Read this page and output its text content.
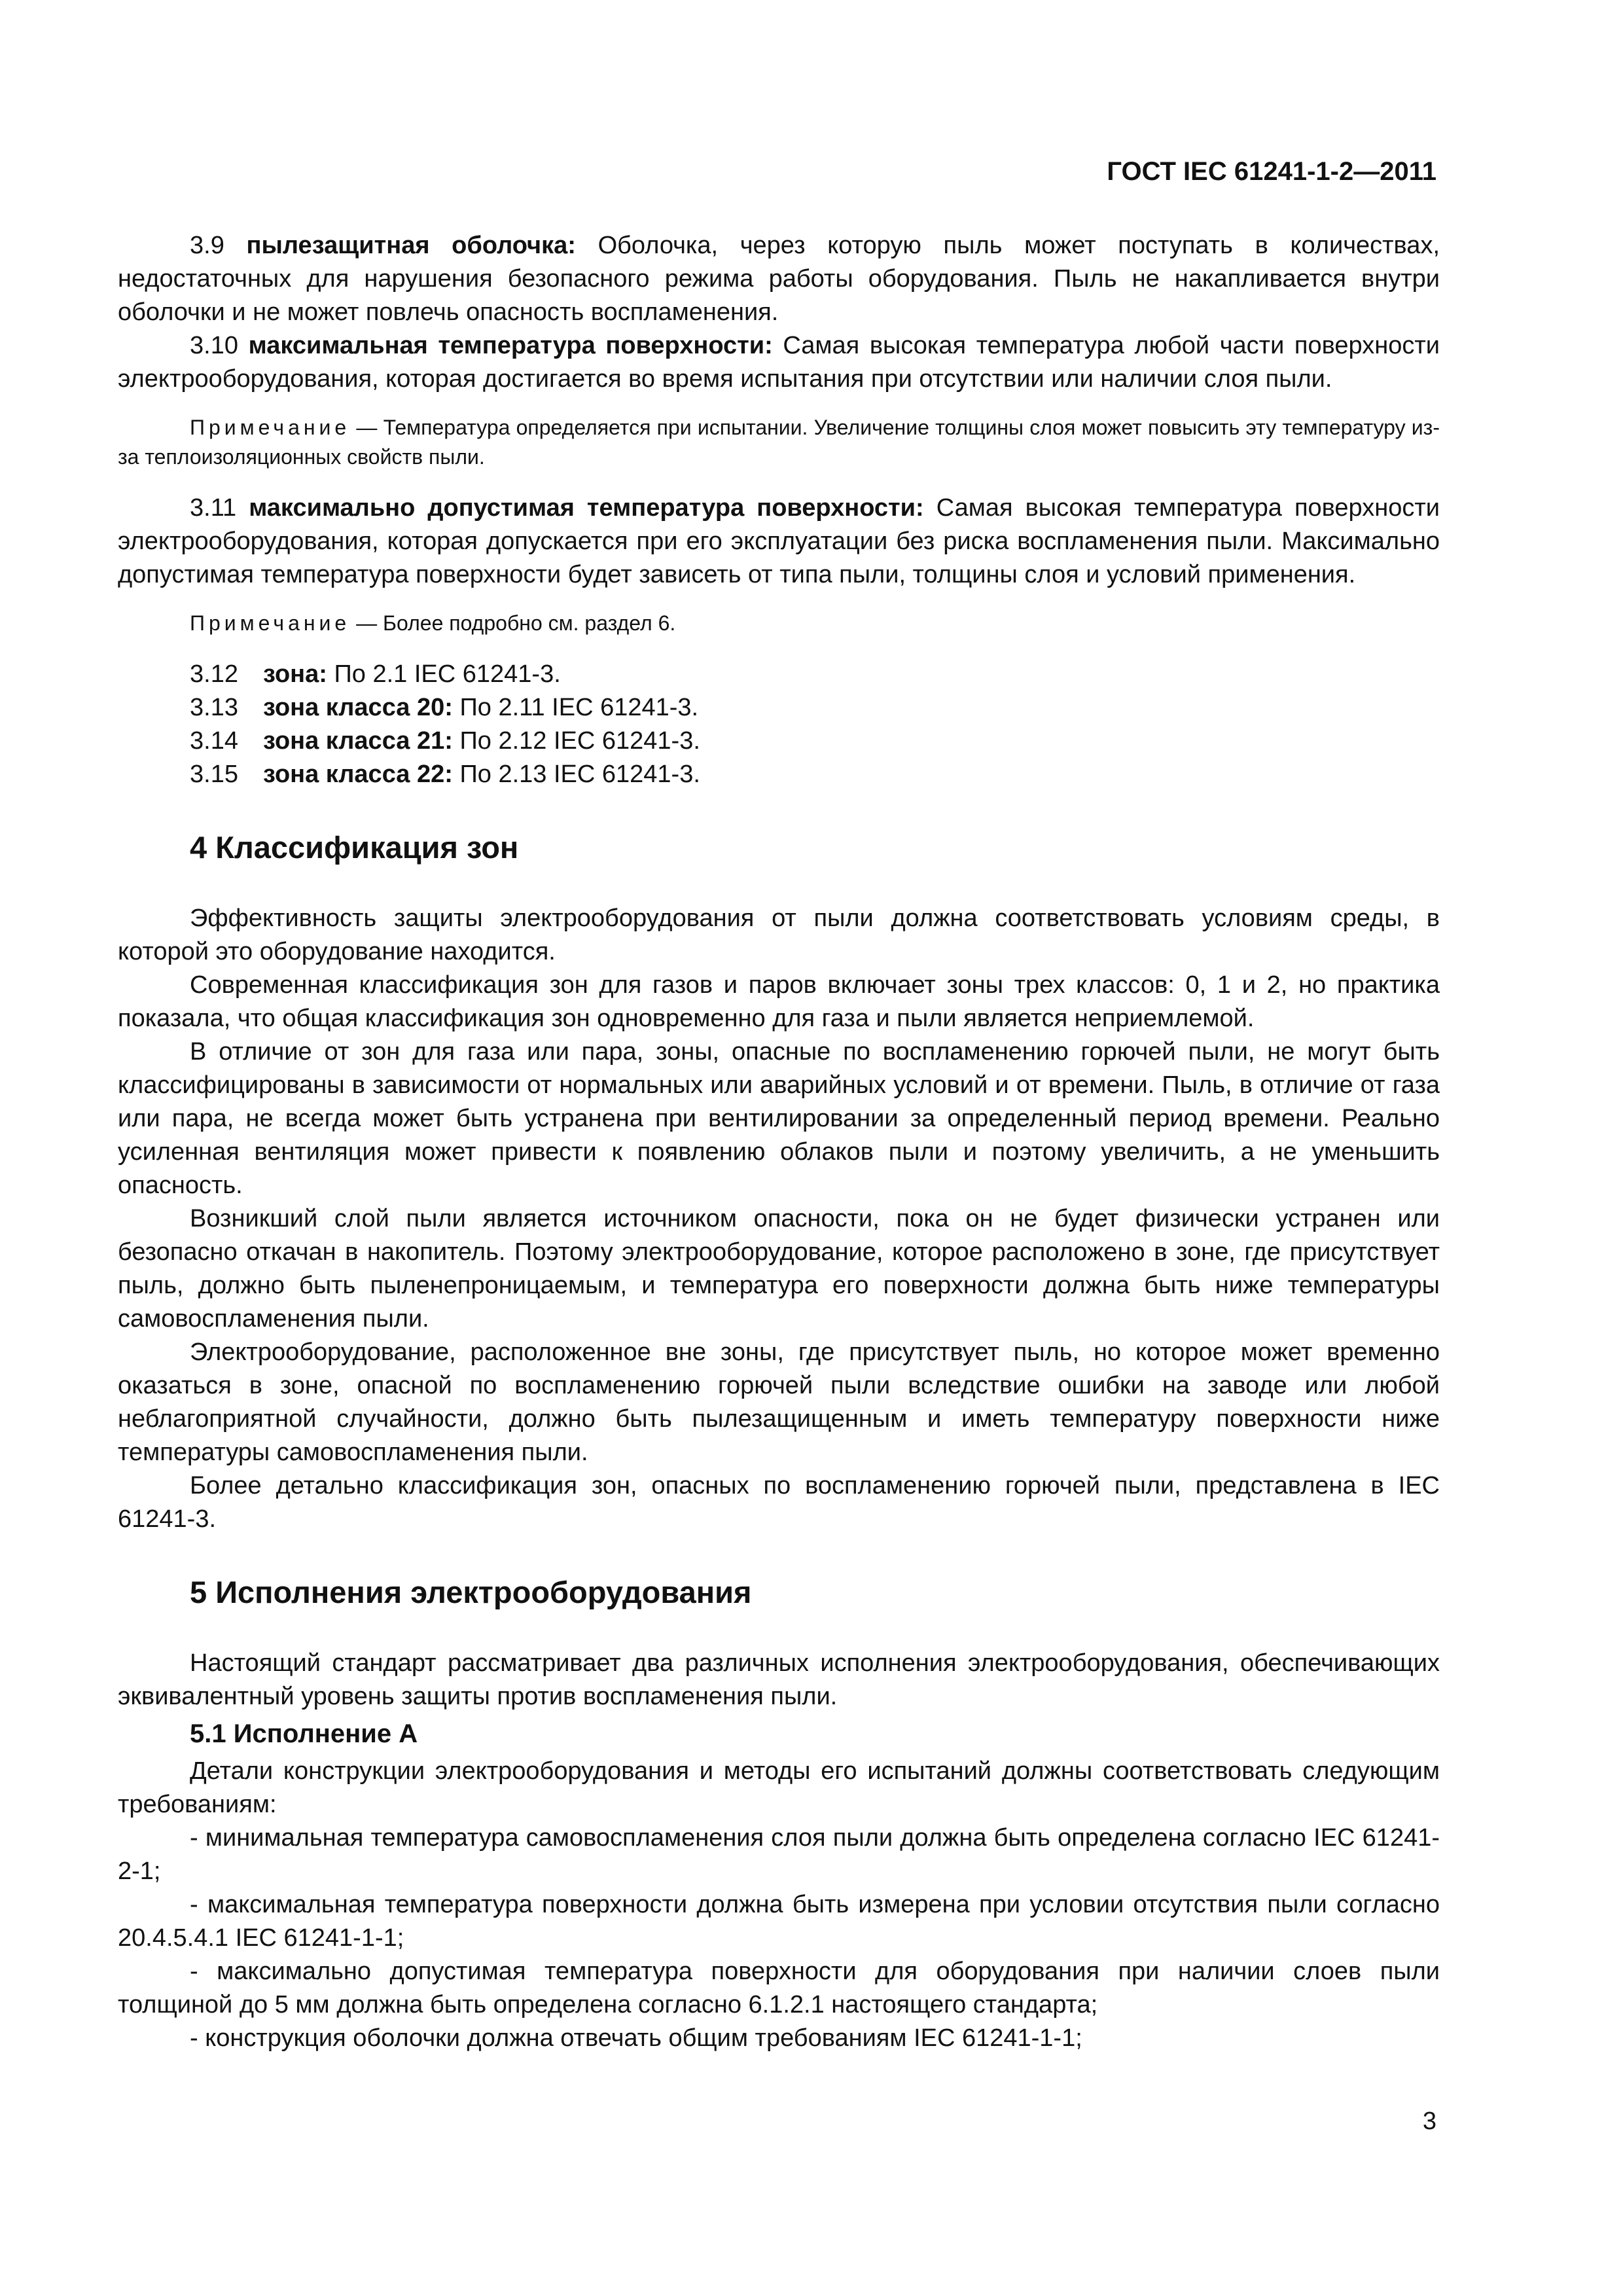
ГОСТ IEC 61241-1-2—2011

3.9 пылезащитная оболочка: Оболочка, через которую пыль может поступать в количествах, недостаточных для нарушения безопасного режима работы оборудования. Пыль не накапливается внутри оболочки и не может повлечь опасность воспламенения.

3.10 максимальная температура поверхности: Самая высокая температура любой части поверхности электрооборудования, которая достигается во время испытания при отсутствии или наличии слоя пыли.

Примечание — Температура определяется при испытании. Увеличение толщины слоя может повысить эту температуру из-за теплоизоляционных свойств пыли.

3.11 максимально допустимая температура поверхности: Самая высокая температура поверхности электрооборудования, которая допускается при его эксплуатации без риска воспламенения пыли. Максимально допустимая температура поверхности будет зависеть от типа пыли, толщины слоя и условий применения.

Примечание — Более подробно см. раздел 6.

3.12 зона: По 2.1 IEC 61241-3.

3.13 зона класса 20: По 2.11 IEC 61241-3.

3.14 зона класса 21: По 2.12 IEC 61241-3.

3.15 зона класса 22: По 2.13 IEC 61241-3.

4 Классификация зон

Эффективность защиты электрооборудования от пыли должна соответствовать условиям среды, в которой это оборудование находится.

Современная классификация зон для газов и паров включает зоны трех классов: 0, 1 и 2, но практика показала, что общая классификация зон одновременно для газа и пыли является неприемлемой.

В отличие от зон для газа или пара, зоны, опасные по воспламенению горючей пыли, не могут быть классифицированы в зависимости от нормальных или аварийных условий и от времени. Пыль, в отличие от газа или пара, не всегда может быть устранена при вентилировании за определенный период времени. Реально усиленная вентиляция может привести к появлению облаков пыли и поэтому увеличить, а не уменьшить опасность.

Возникший слой пыли является источником опасности, пока он не будет физически устранен или безопасно откачан в накопитель. Поэтому электрооборудование, которое расположено в зоне, где присутствует пыль, должно быть пыленепроницаемым, и температура его поверхности должна быть ниже температуры самовоспламенения пыли.

Электрооборудование, расположенное вне зоны, где присутствует пыль, но которое может временно оказаться в зоне, опасной по воспламенению горючей пыли вследствие ошибки на заводе или любой неблагоприятной случайности, должно быть пылезащищенным и иметь температуру поверхности ниже температуры самовоспламенения пыли.

Более детально классификация зон, опасных по воспламенению горючей пыли, представлена в IEC 61241-3.

5 Исполнения электрооборудования

Настоящий стандарт рассматривает два различных исполнения электрооборудования, обеспечивающих эквивалентный уровень защиты против воспламенения пыли.

5.1 Исполнение А

Детали конструкции электрооборудования и методы его испытаний должны соответствовать следующим требованиям:

- минимальная температура самовоспламенения слоя пыли должна быть определена согласно IEC 61241-2-1;

- максимальная температура поверхности должна быть измерена при условии отсутствия пыли согласно 20.4.5.4.1 IEC 61241-1-1;

- максимально допустимая температура поверхности для оборудования при наличии слоев пыли толщиной до 5 мм должна быть определена согласно 6.1.2.1 настоящего стандарта;

- конструкция оболочки должна отвечать общим требованиям IEC 61241-1-1;

3
